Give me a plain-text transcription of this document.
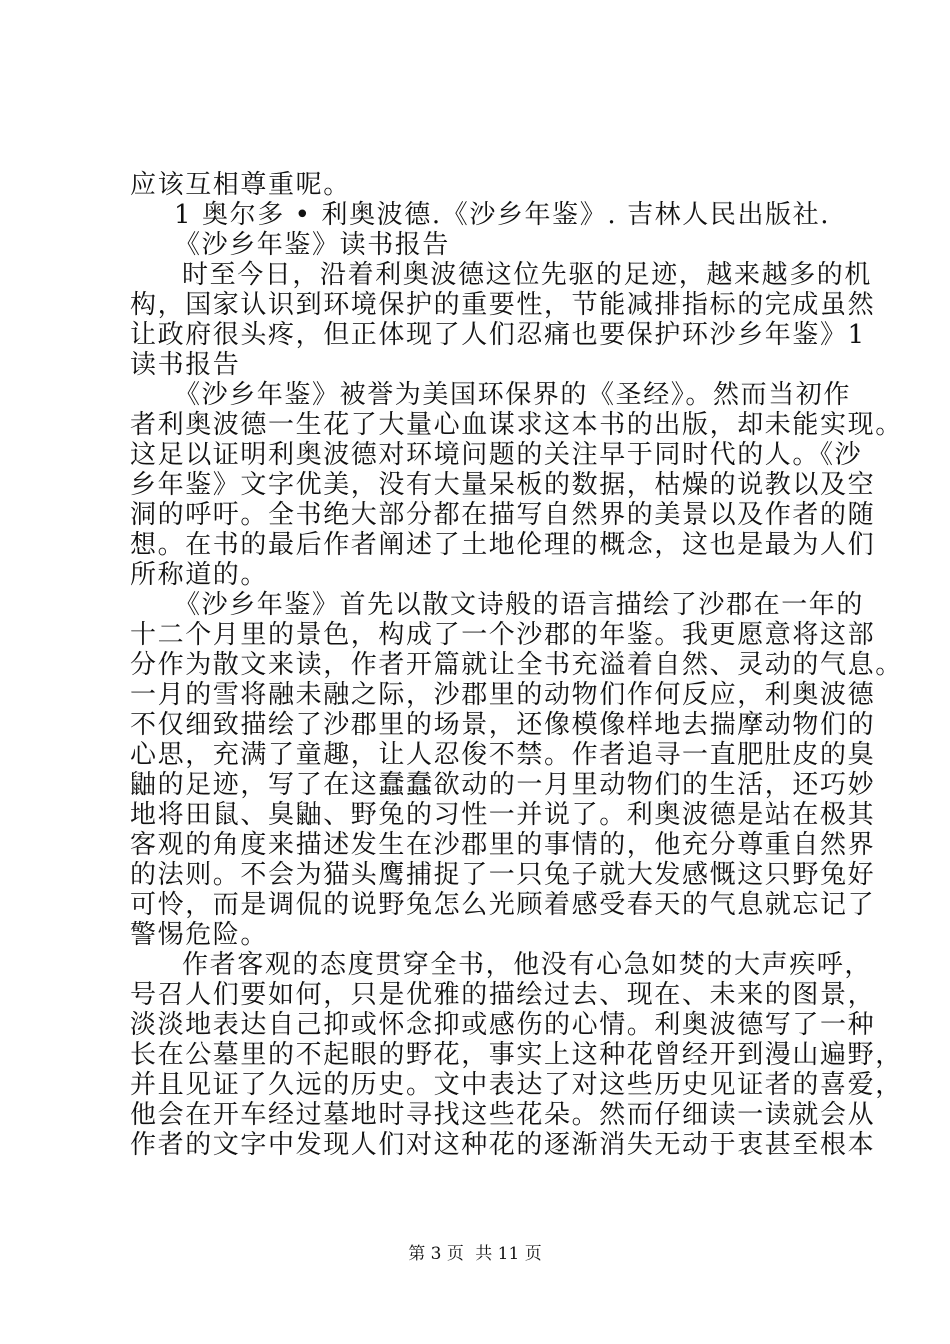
应该互相尊重呢。
1 奥尔多 • 利奥波德.《沙乡年鉴》. 吉林人民出版社.
《沙乡年鉴》读书报告
时至今日，沿着利奥波德这位先驱的足迹，越来越多的机
构，国家认识到环境保护的重要性，节能减排指标的完成虽然
让政府很头疼，但正体现了人们忍痛也要保护环沙乡年鉴》1
读书报告
《沙乡年鉴》被誉为美国环保界的《圣经》。然而当初作
者利奥波德一生花了大量心血谋求这本书的出版，却未能实现。
这足以证明利奥波德对环境问题的关注早于同时代的人。《沙
乡年鉴》文字优美，没有大量呆板的数据，枯燥的说教以及空
洞的呼吁。全书绝大部分都在描写自然界的美景以及作者的随
想。在书的最后作者阐述了土地伦理的概念，这也是最为人们
所称道的。
《沙乡年鉴》首先以散文诗般的语言描绘了沙郡在一年的
十二个月里的景色，构成了一个沙郡的年鉴。我更愿意将这部
分作为散文来读，作者开篇就让全书充溢着自然、灵动的气息。
一月的雪将融未融之际，沙郡里的动物们作何反应，利奥波德
不仅细致描绘了沙郡里的场景，还像模像样地去揣摩动物们的
心思，充满了童趣，让人忍俊不禁。作者追寻一直肥肚皮的臭
鼬的足迹，写了在这蠢蠢欲动的一月里动物们的生活，还巧妙
地将田鼠、臭鼬、野兔的习性一并说了。利奥波德是站在极其
客观的角度来描述发生在沙郡里的事情的，他充分尊重自然界
的法则。不会为猫头鹰捕捉了一只兔子就大发感慨这只野兔好
可怜，而是调侃的说野兔怎么光顾着感受春天的气息就忘记了
警惕危险。
作者客观的态度贯穿全书，他没有心急如焚的大声疾呼，
号召人们要如何，只是优雅的描绘过去、现在、未来的图景，
淡淡地表达自己抑或怀念抑或感伤的心情。利奥波德写了一种
长在公墓里的不起眼的野花，事实上这种花曾经开到漫山遍野，
并且见证了久远的历史。文中表达了对这些历史见证者的喜爱，
他会在开车经过墓地时寻找这些花朵。然而仔细读一读就会从
作者的文字中发现人们对这种花的逐渐消失无动于衷甚至根本
第 3 页 共 11 页
